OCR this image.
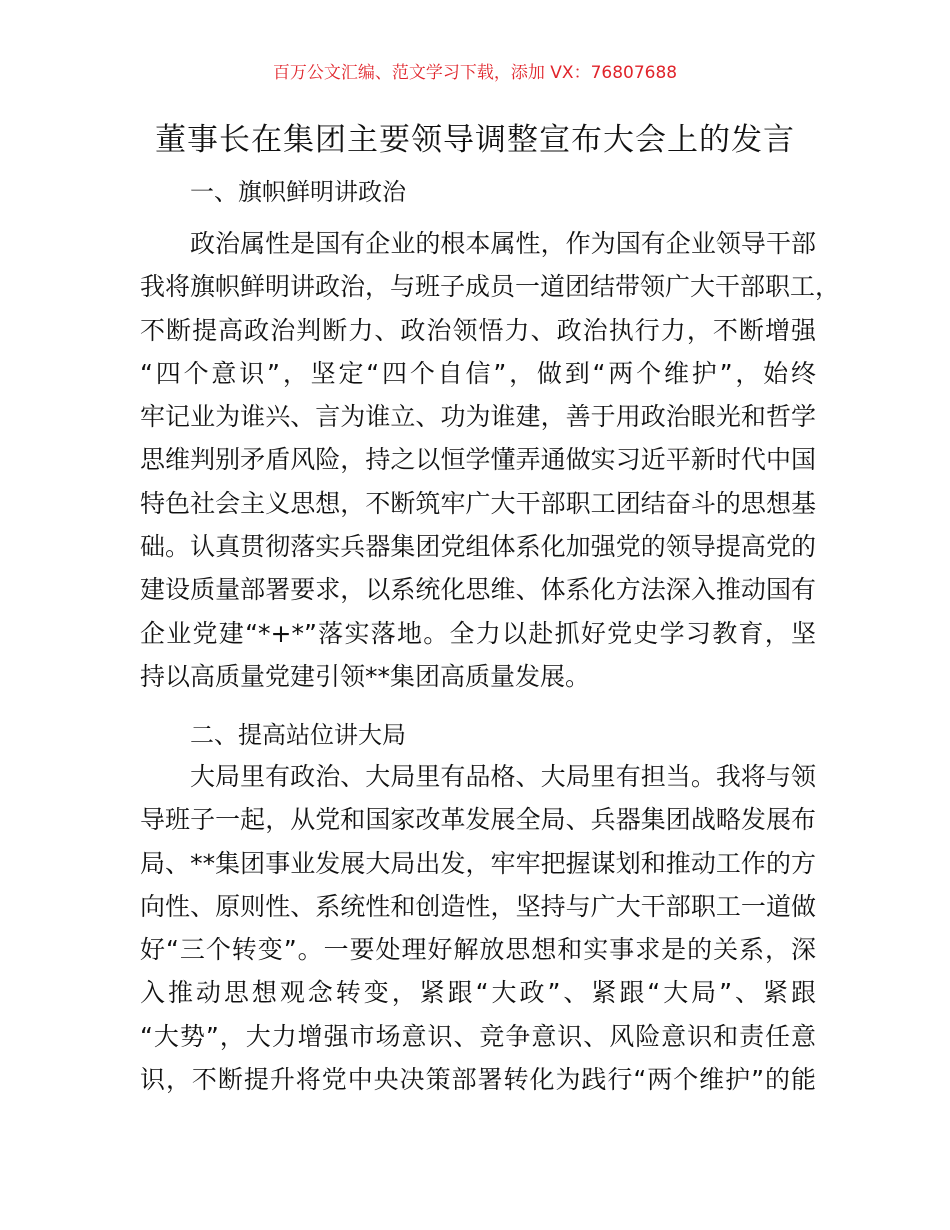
百万公文汇编、范文学习下载，添加 VX：76807688
董事长在集团主要领导调整宣布大会上的发言
一、旗帜鲜明讲政治
政治属性是国有企业的根本属性，作为国有企业领导干部
我将旗帜鲜明讲政治，与班子成员一道团结带领广大干部职工，
不断提高政治判断力、政治领悟力、政治执行力，不断增强
“四个意识”，坚定“四个自信”，做到“两个维护”，始终
牢记业为谁兴、言为谁立、功为谁建，善于用政治眼光和哲学
思维判别矛盾风险，持之以恒学懂弄通做实习近平新时代中国
特色社会主义思想，不断筑牢广大干部职工团结奋斗的思想基
础。认真贯彻落实兵器集团党组体系化加强党的领导提高党的
建设质量部署要求，以系统化思维、体系化方法深入推动国有
企业党建“*+*”落实落地。全力以赴抓好党史学习教育，坚
持以高质量党建引领**集团高质量发展。
二、提高站位讲大局
大局里有政治、大局里有品格、大局里有担当。我将与领
导班子一起，从党和国家改革发展全局、兵器集团战略发展布
局、**集团事业发展大局出发，牢牢把握谋划和推动工作的方
向性、原则性、系统性和创造性，坚持与广大干部职工一道做
好“三个转变”。一要处理好解放思想和实事求是的关系，深
入推动思想观念转变，紧跟“大政”、紧跟“大局”、紧跟
“大势”，大力增强市场意识、竞争意识、风险意识和责任意
识，不断提升将党中央决策部署转化为践行“两个维护”的能
